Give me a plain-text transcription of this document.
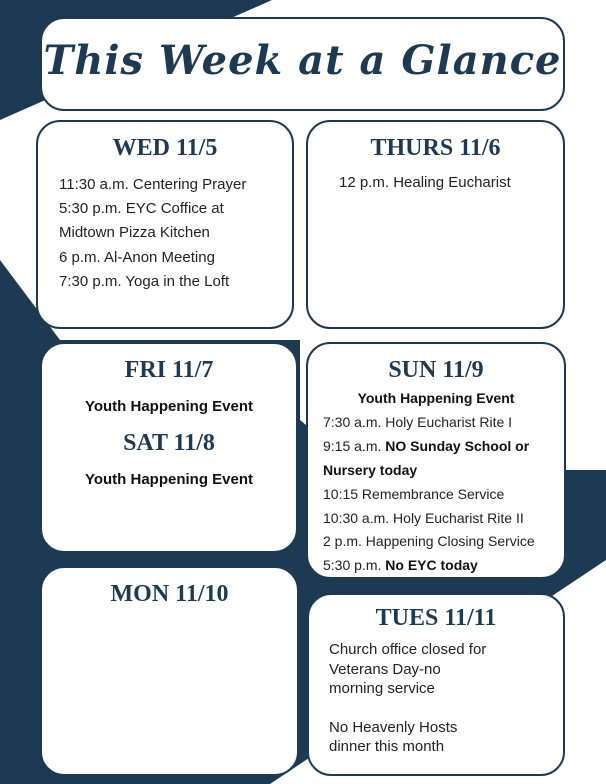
This Week at a Glance
WED 11/5
11:30 a.m. Centering Prayer
5:30 p.m. EYC Coffice at
Midtown Pizza Kitchen
6 p.m. Al-Anon Meeting
7:30 p.m. Yoga in the Loft
THURS 11/6
12 p.m. Healing Eucharist
FRI 11/7
Youth Happening Event
SAT 11/8
Youth Happening Event
SUN 11/9
Youth Happening Event
7:30 a.m. Holy Eucharist Rite I
9:15 a.m. NO Sunday School or
Nursery today
10:15 Remembrance Service
10:30 a.m. Holy Eucharist Rite II
2 p.m. Happening Closing Service
5:30 p.m. No EYC today
MON 11/10
TUES 11/11
Church office closed for
Veterans Day-no
morning service
No Heavenly Hosts
dinner this month
